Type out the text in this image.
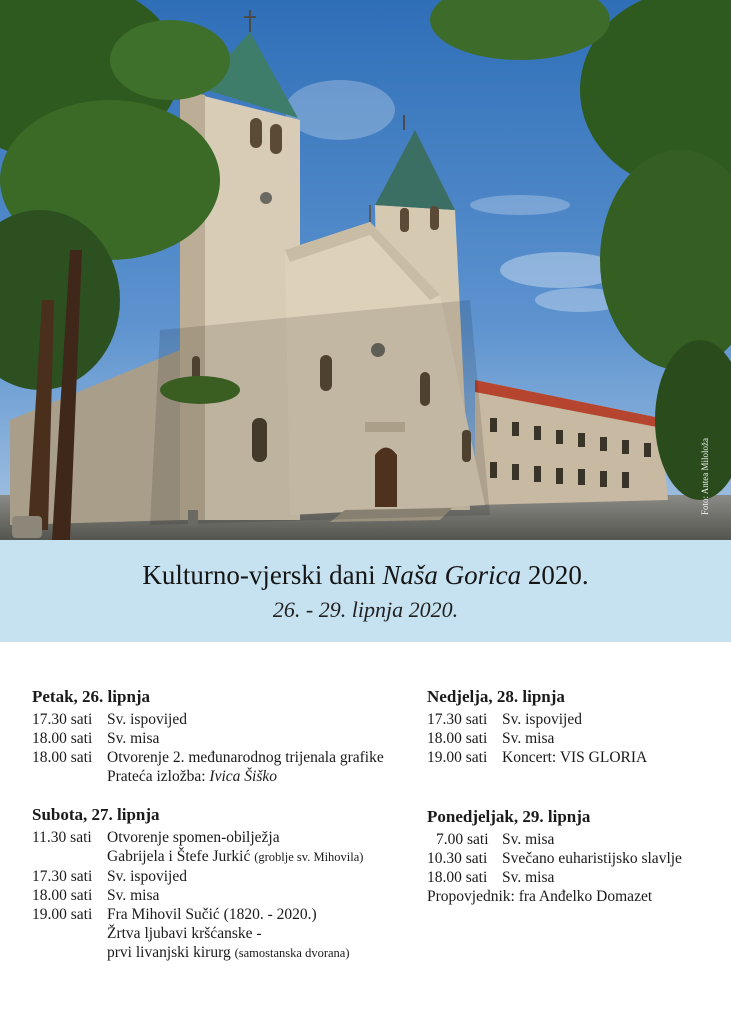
Foto: Antea Miloloža
Kulturno-vjerski dani Naša Gorica 2020.
26. - 29. lipnja 2020.
Petak, 26. lipnja
17.30 sati Sv. ispovijed
18.00 sati Sv. misa
18.00 sati Otvorenje 2. međunarodnog trijenala grafike
Prateća izložba: Ivica Šiško
Subota, 27. lipnja
11.30 sati Otvorenje spomen-obilježja
Gabrijela i Štefe Jurkić (groblje sv. Mihovila)
17.30 sati Sv. ispovijed
18.00 sati Sv. misa
19.00 sati Fra Mihovil Sučić (1820. - 2020.)
Žrtva ljubavi kršćanske -
prvi livanjski kirurg (samostanska dvorana)
Nedjelja, 28. lipnja
17.30 sati Sv. ispovijed
18.00 sati Sv. misa
19.00 sati Koncert: VIS GLORIA
Ponedjeljak, 29. lipnja
7.00 sati Sv. misa
10.30 sati Svečano euharistijsko slavlje
18.00 sati Sv. misa
Propovjednik: fra Anđelko Domazet
